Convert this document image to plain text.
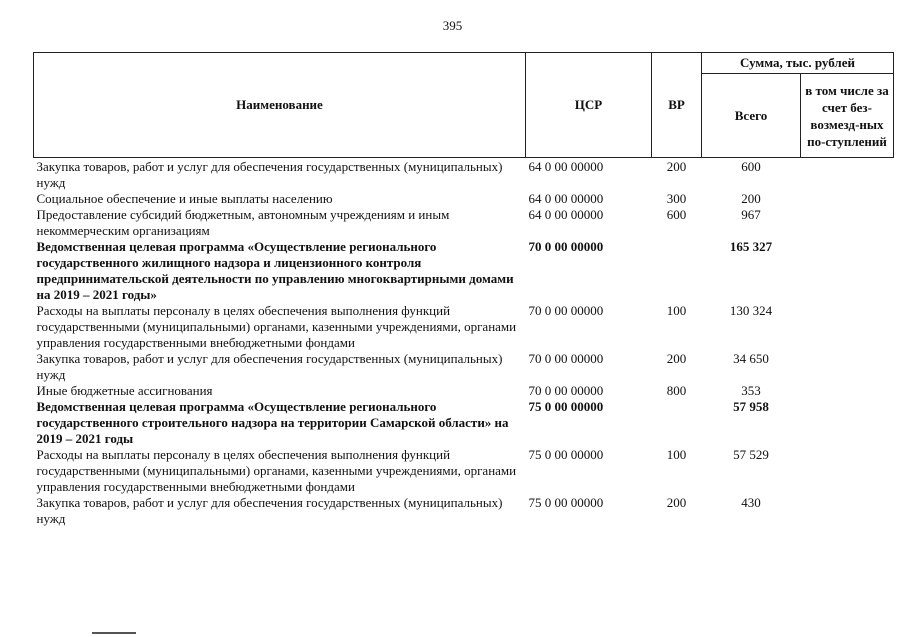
395
Наименование	ЦСР	ВР	Сумма, тыс. рублей	
			Всего	в том числе за счет без-возмезд-ных по-ступлений
Закупка товаров, работ и услуг для обеспечения государственных (муниципальных) нужд	64 0 00 00000	200	600	
Социальное обеспечение и иные выплаты населению	64 0 00 00000	300	200	
Предоставление субсидий бюджетным, автономным учреждениям и иным некоммерческим организациям	64 0 00 00000	600	967	
Ведомственная целевая программа «Осуществление регионального государственного жилищного надзора и лицензионного контроля предпринимательской деятельности по управлению многоквартирными домами на 2019 – 2021 годы»	70 0 00 00000		165 327	
Расходы на выплаты персоналу в целях обеспечения выполнения функций государственными (муниципальными) органами, казенными учреждениями, органами управления государственными внебюджетными фондами	70 0 00 00000	100	130 324	
Закупка товаров, работ и услуг для обеспечения государственных (муниципальных) нужд	70 0 00 00000	200	34 650	
Иные бюджетные ассигнования	70 0 00 00000	800	353	
Ведомственная целевая программа «Осуществление регионального государственного строительного надзора на территории Самарской области» на 2019 – 2021 годы	75 0 00 00000		57 958	
Расходы на выплаты персоналу в целях обеспечения выполнения функций государственными (муниципальными) органами, казенными учреждениями, органами управления государственными внебюджетными фондами	75 0 00 00000	100	57 529	
Закупка товаров, работ и услуг для обеспечения государственных (муниципальных) нужд	75 0 00 00000	200	430	
